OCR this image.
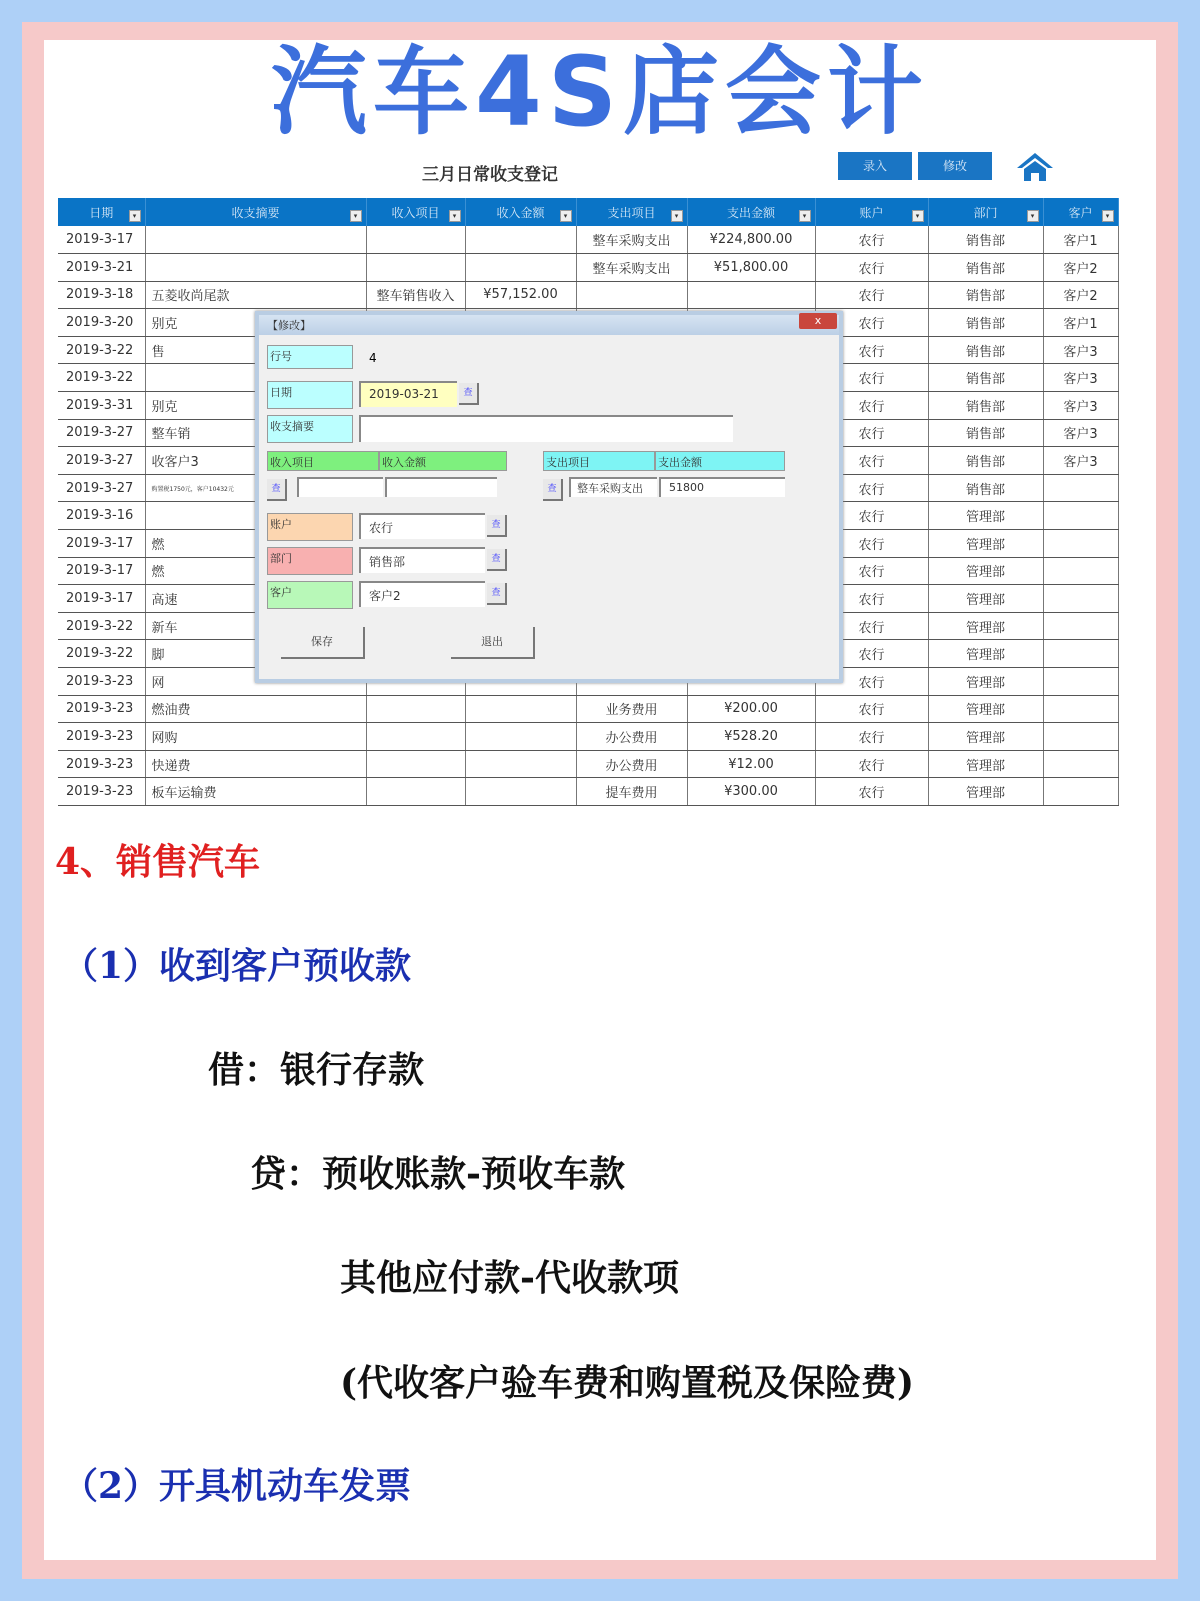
汽车4S店会计
三月日常收支登记	录入	修改
日期 ▾	收支摘要 ▾	收入项目 ▾	收入金额 ▾	支出项目 ▾	支出金额 ▾	账户 ▾	部门 ▾	客户 ▾

2019-3-17				整车采购支出	¥224,800.00	农行	销售部	客户1
2019-3-21				整车采购支出	¥51,800.00	农行	销售部	客户2
2019-3-18	五菱收尚尾款	整车销售收入	¥57,152.00			农行	销售部	客户2
2019-3-20	别克					农行	销售部	客户1
2019-3-22	售					农行	销售部	客户3
2019-3-22						农行	销售部	客户3
2019-3-31	别克					农行	销售部	客户3
2019-3-27	整车销					农行	销售部	客户3
2019-3-27	收客户3					农行	销售部	客户3
2019-3-27	购置税1750元，客户10432元					农行	销售部	
2019-3-16						农行	管理部	
2019-3-17	燃					农行	管理部	
2019-3-17	燃					农行	管理部	
2019-3-17	高速					农行	管理部	
2019-3-22	新车					农行	管理部	
2019-3-22	脚					农行	管理部	
2019-3-23	网					农行	管理部	
2019-3-23	燃油费			业务费用	¥200.00	农行	管理部	
2019-3-23	网购			办公费用	¥528.20	农行	管理部	
2019-3-23	快递费			办公费用	¥12.00	农行	管理部	
2019-3-23	板车运输费			提车费用	¥300.00	农行	管理部	
【修改】	x
行号	4
日期	2019-03-21	查
收支摘要
收入项目	收入金额	支出项目	支出金额
查	查	整车采购支出	51800
账户	农行	查
部门	销售部	查
客户	客户2	查
保存	退出
4、销售汽车
（1）收到客户预收款
借：银行存款
贷：预收账款-预收车款
其他应付款-代收款项
(代收客户验车费和购置税及保险费)
（2）开具机动车发票
